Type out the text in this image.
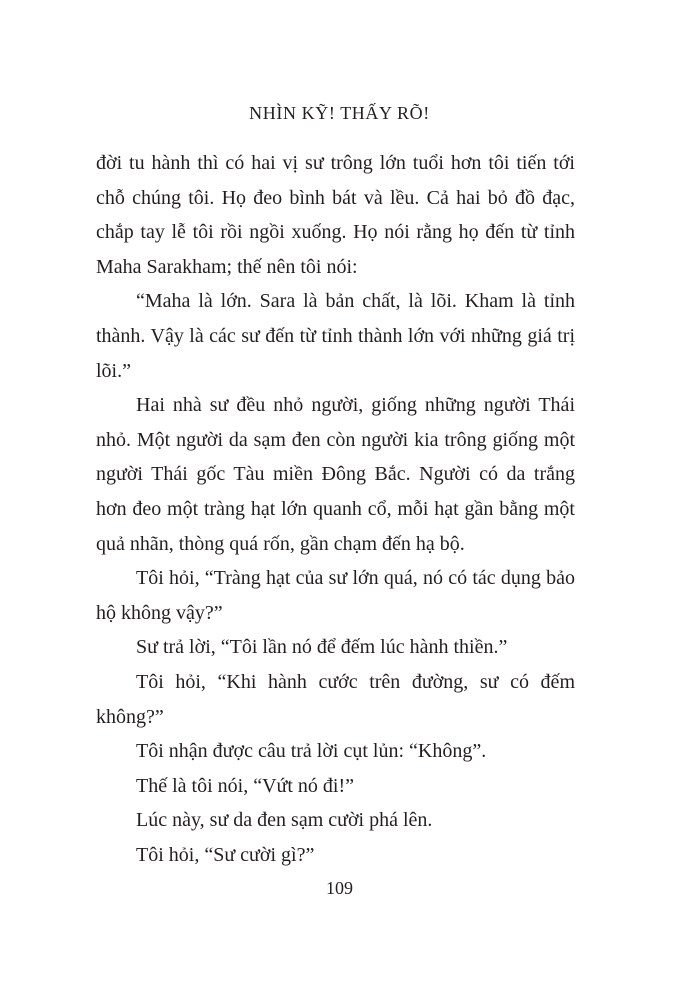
NHÌN KỸ! THẤY RÕ!

đời tu hành thì có hai vị sư trông lớn tuổi hơn tôi tiến tới chỗ chúng tôi. Họ đeo bình bát và lều. Cả hai bỏ đồ đạc, chắp tay lễ tôi rồi ngồi xuống. Họ nói rằng họ đến từ tỉnh Maha Sarakham; thế nên tôi nói:

“Maha là lớn. Sara là bản chất, là lõi. Kham là tỉnh thành. Vậy là các sư đến từ tỉnh thành lớn với những giá trị lõi.”

Hai nhà sư đều nhỏ người, giống những người Thái nhỏ. Một người da sạm đen còn người kia trông giống một người Thái gốc Tàu miền Đông Bắc. Người có da trắng hơn đeo một tràng hạt lớn quanh cổ, mỗi hạt gần bằng một quả nhãn, thòng quá rốn, gần chạm đến hạ bộ.

Tôi hỏi, “Tràng hạt của sư lớn quá, nó có tác dụng bảo hộ không vậy?”

Sư trả lời, “Tôi lần nó để đếm lúc hành thiền.”

Tôi hỏi, “Khi hành cước trên đường, sư có đếm không?”

Tôi nhận được câu trả lời cụt lủn: “Không”.

Thế là tôi nói, “Vứt nó đi!”

Lúc này, sư da đen sạm cười phá lên.

Tôi hỏi, “Sư cười gì?”

109
